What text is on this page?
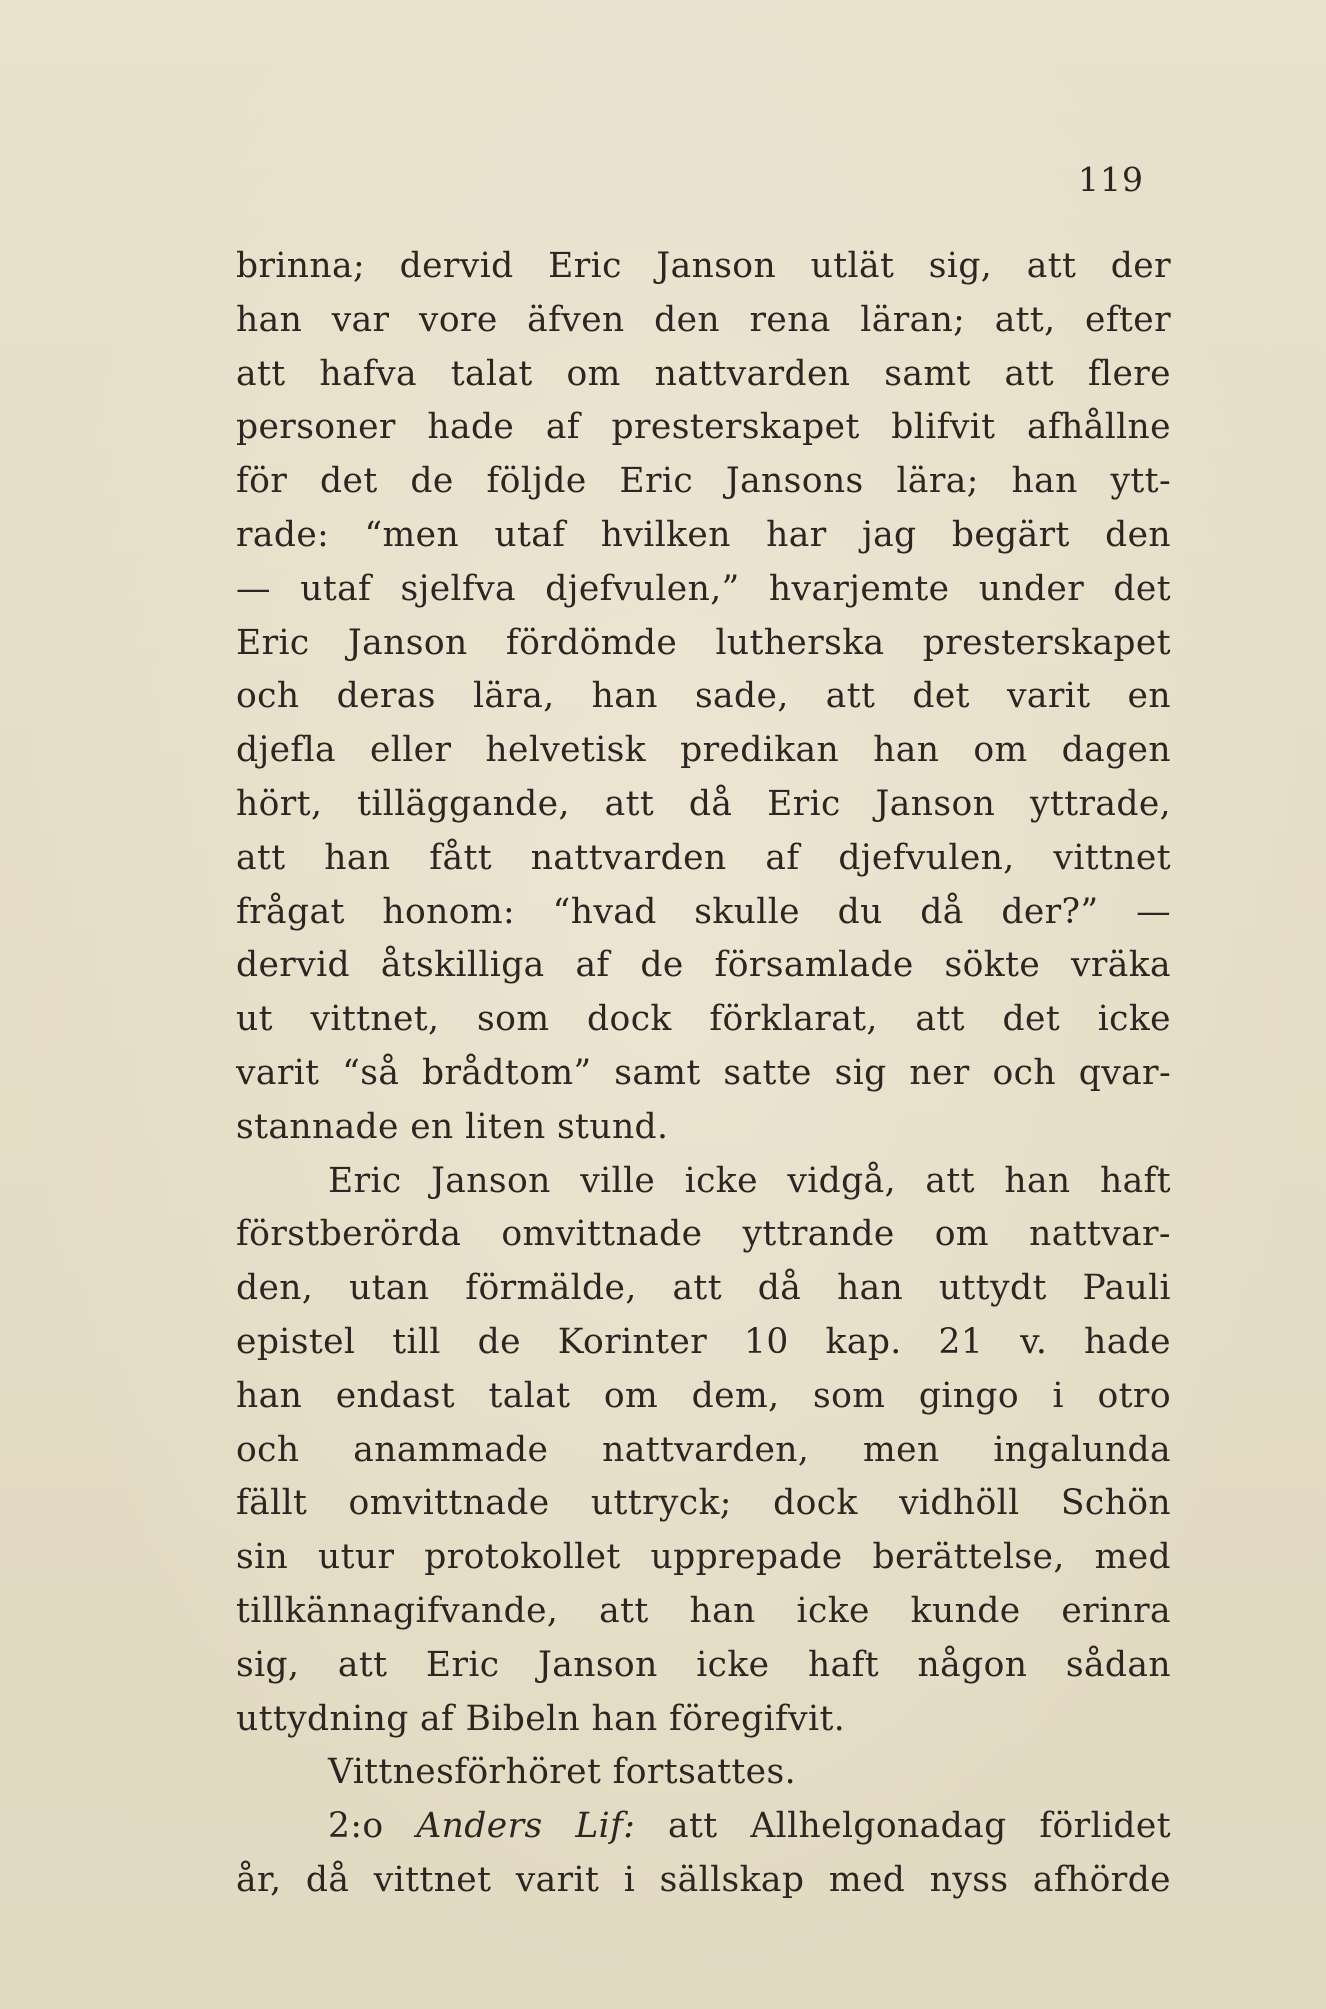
119
brinna; dervid Eric Janson utlät sig, att der
han var vore äfven den rena läran; att, efter
att hafva talat om nattvarden samt att flere
personer hade af presterskapet blifvit afhållne
för det de följde Eric Jansons lära; han ytt-
rade: “men utaf hvilken har jag begärt den
— utaf sjelfva djefvulen,” hvarjemte under det
Eric Janson fördömde lutherska presterskapet
och deras lära, han sade, att det varit en
djefla eller helvetisk predikan han om dagen
hört, tilläggande, att då Eric Janson yttrade,
att han fått nattvarden af djefvulen, vittnet
frågat honom: “hvad skulle du då der?” —
dervid åtskilliga af de församlade sökte vräka
ut vittnet, som dock förklarat, att det icke
varit “så brådtom” samt satte sig ner och qvar-
stannade en liten stund.
Eric Janson ville icke vidgå, att han haft
förstberörda omvittnade yttrande om nattvar-
den, utan förmälde, att då han uttydt Pauli
epistel till de Korinter 10 kap. 21 v. hade
han endast talat om dem, som gingo i otro
och anammade nattvarden, men ingalunda
fällt omvittnade uttryck; dock vidhöll Schön
sin utur protokollet upprepade berättelse, med
tillkännagifvande, att han icke kunde erinra
sig, att Eric Janson icke haft någon sådan
uttydning af Bibeln han föregifvit.
Vittnesförhöret fortsattes.
2:o Anders Lif: att Allhelgonadag förlidet
år, då vittnet varit i sällskap med nyss afhörde
